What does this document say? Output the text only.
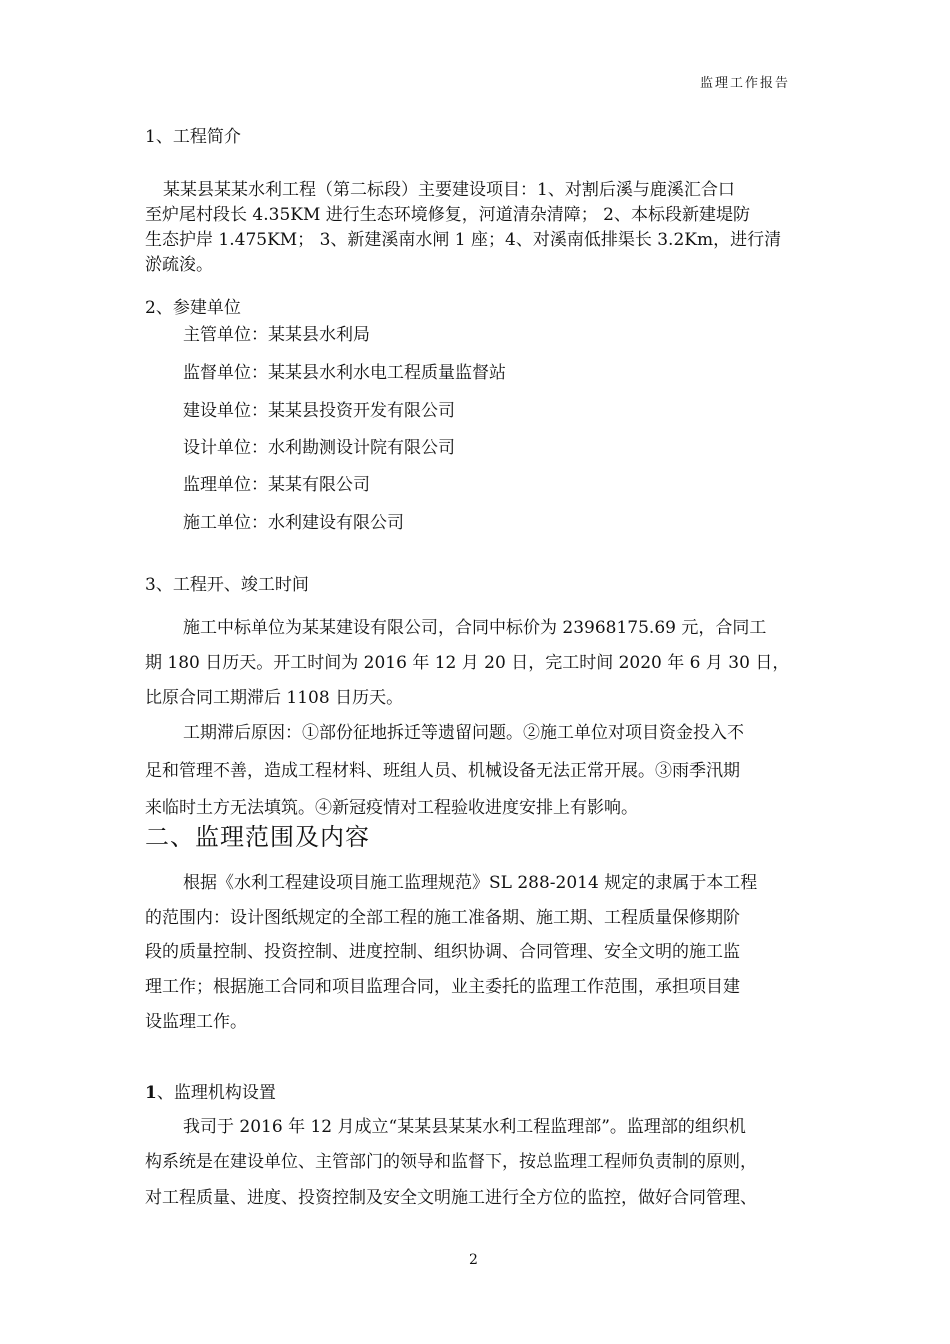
监理工作报告
1、工程简介
某某县某某水利工程（第二标段）主要建设项目：1、对割后溪与鹿溪汇合口
至炉尾村段长 4.35KM 进行生态环境修复，河道清杂清障； 2、本标段新建堤防
生态护岸 1.475KM； 3、新建溪南水闸 1 座；4、对溪南低排渠长 3.2Km，进行清
淤疏浚。
2、参建单位
主管单位：某某县水利局
监督单位：某某县水利水电工程质量监督站
建设单位：某某县投资开发有限公司
设计单位：水利勘测设计院有限公司
监理单位：某某有限公司
施工单位：水利建设有限公司
3、工程开、竣工时间
施工中标单位为某某建设有限公司，合同中标价为 23968175.69 元，合同工
期 180 日历天。开工时间为 2016 年 12 月 20 日，完工时间 2020 年 6 月 30 日，
比原合同工期滞后 1108 日历天。
工期滞后原因：①部份征地拆迁等遗留问题。②施工单位对项目资金投入不
足和管理不善，造成工程材料、班组人员、机械设备无法正常开展。③雨季汛期
来临时土方无法填筑。④新冠疫情对工程验收进度安排上有影响。
二、监理范围及内容
根据《水利工程建设项目施工监理规范》SL 288-2014 规定的隶属于本工程
的范围内：设计图纸规定的全部工程的施工准备期、施工期、工程质量保修期阶
段的质量控制、投资控制、进度控制、组织协调、合同管理、安全文明的施工监
理工作；根据施工合同和项目监理合同，业主委托的监理工作范围，承担项目建
设监理工作。
1、监理机构设置
我司于 2016 年 12 月成立“某某县某某水利工程监理部”。监理部的组织机
构系统是在建设单位、主管部门的领导和监督下，按总监理工程师负责制的原则，
对工程质量、进度、投资控制及安全文明施工进行全方位的监控，做好合同管理、
2
